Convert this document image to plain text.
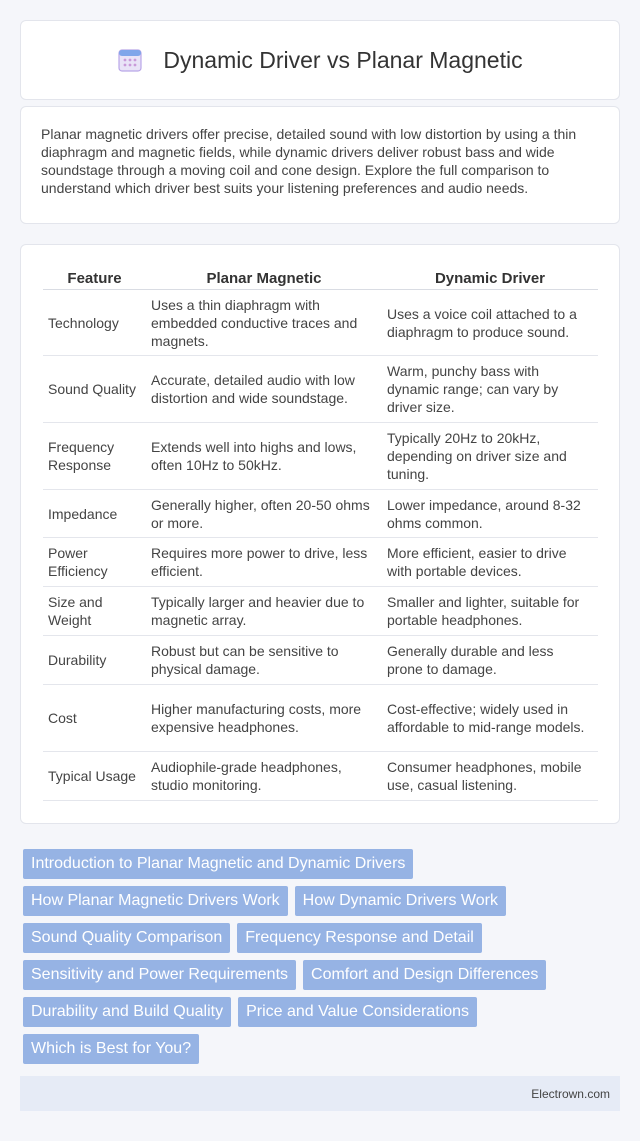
Dynamic Driver vs Planar Magnetic

Planar magnetic drivers offer precise, detailed sound with low distortion by using a thin diaphragm and magnetic fields, while dynamic drivers deliver robust bass and wide soundstage through a moving coil and cone design. Explore the full comparison to understand which driver best suits your listening preferences and audio needs.

Feature	Planar Magnetic	Dynamic Driver
Technology	Uses a thin diaphragm with embedded conductive traces and magnets.	Uses a voice coil attached to a diaphragm to produce sound.
Sound Quality	Accurate, detailed audio with low distortion and wide soundstage.	Warm, punchy bass with dynamic range; can vary by driver size.
Frequency Response	Extends well into highs and lows, often 10Hz to 50kHz.	Typically 20Hz to 20kHz, depending on driver size and tuning.
Impedance	Generally higher, often 20-50 ohms or more.	Lower impedance, around 8-32 ohms common.
Power Efficiency	Requires more power to drive, less efficient.	More efficient, easier to drive with portable devices.
Size and Weight	Typically larger and heavier due to magnetic array.	Smaller and lighter, suitable for portable headphones.
Durability	Robust but can be sensitive to physical damage.	Generally durable and less prone to damage.
Cost	Higher manufacturing costs, more expensive headphones.	Cost-effective; widely used in affordable to mid-range models.
Typical Usage	Audiophile-grade headphones, studio monitoring.	Consumer headphones, mobile use, casual listening.
Introduction to Planar Magnetic and Dynamic Drivers
How Planar Magnetic Drivers Work	How Dynamic Drivers Work
Sound Quality Comparison	Frequency Response and Detail
Sensitivity and Power Requirements	Comfort and Design Differences
Durability and Build Quality	Price and Value Considerations
Which is Best for You?
Electrown.com
